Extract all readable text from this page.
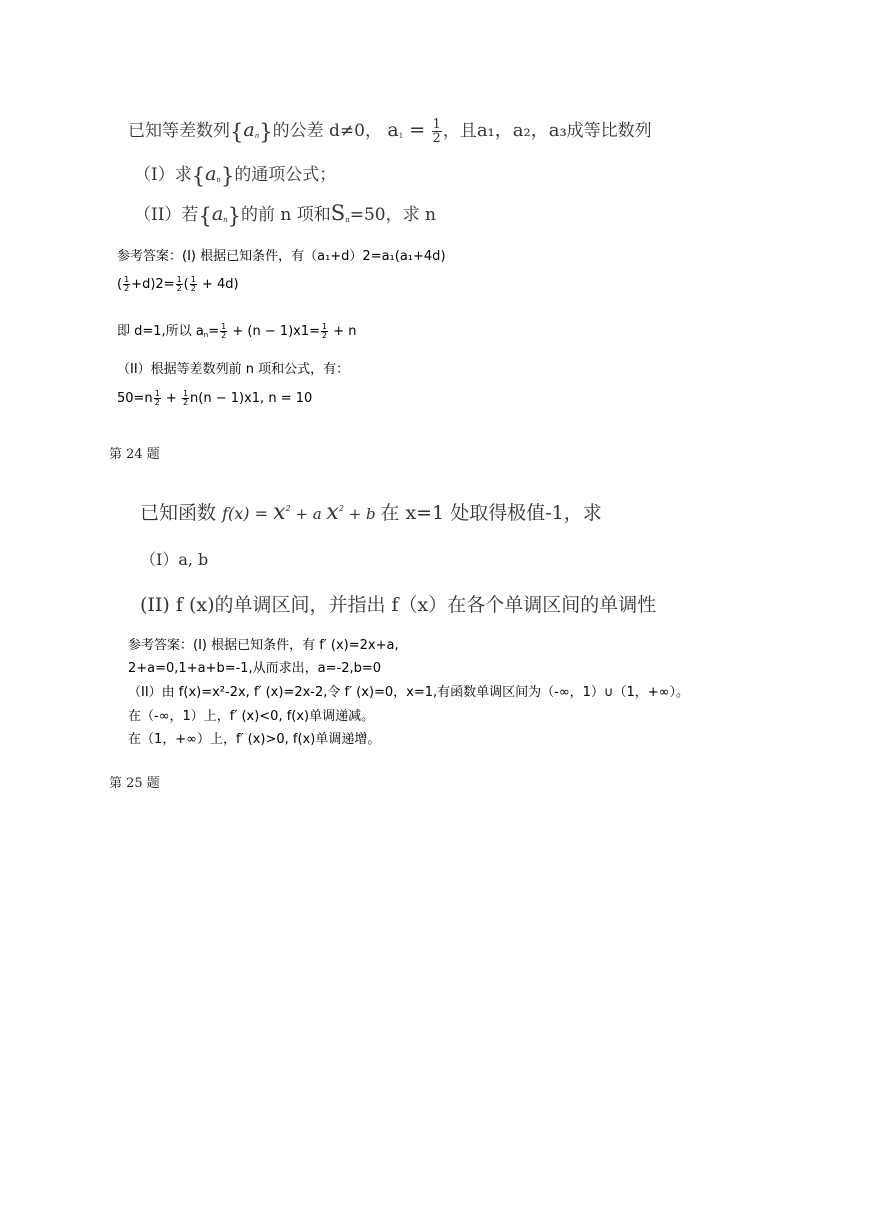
已知等差数列{an}的公差 d≠0， $a1 = \frac{1}{2}$ ，且a₁，a₂，a₃成等比数列
（I）求{an}的通项公式；
（II）若{an}的前 n 项和Sn=50，求 n
参考答案：(I) 根据已知条件，有（a₁+d）2=a₁(a₁+4d)
( $\frac{1}{2} +d)2= \frac{1}{2}$ ( $\frac{1}{2} + 4d$)
即 d=1,所以 $an= \frac{1}{2} + (n - 1)x1= \frac{1}{2} + n$
（II）根据等差数列前 n 项和公式，有：
$50=n \frac{1}{2} + \frac{1}{2} n(n - 1)x1$, n = 10
第 24 题
已知函数 $f(x) = x^2 + a$ $x^2 + b$ 在 x=1 处取得极值-1，求
（I）a, b
(II) f (x)的单调区间，并指出 f（x）在各个单调区间的单调性
参考答案：(I) 根据已知条件，有 f′ (x)=2x+a,
2+a=0,1+a+b=-1,从而求出，a=-2,b=0
（II）由 f(x)=x²-2x, f′ (x)=2x-2,令 f′ (x)=0，x=1,有函数单调区间为（-∞，1）∪（1，+∞）。
在（-∞，1）上，f′ (x)<0, f(x)单调递减。
在（1，+∞）上，f′ (x)>0, f(x)单调递增。
第 25 题
